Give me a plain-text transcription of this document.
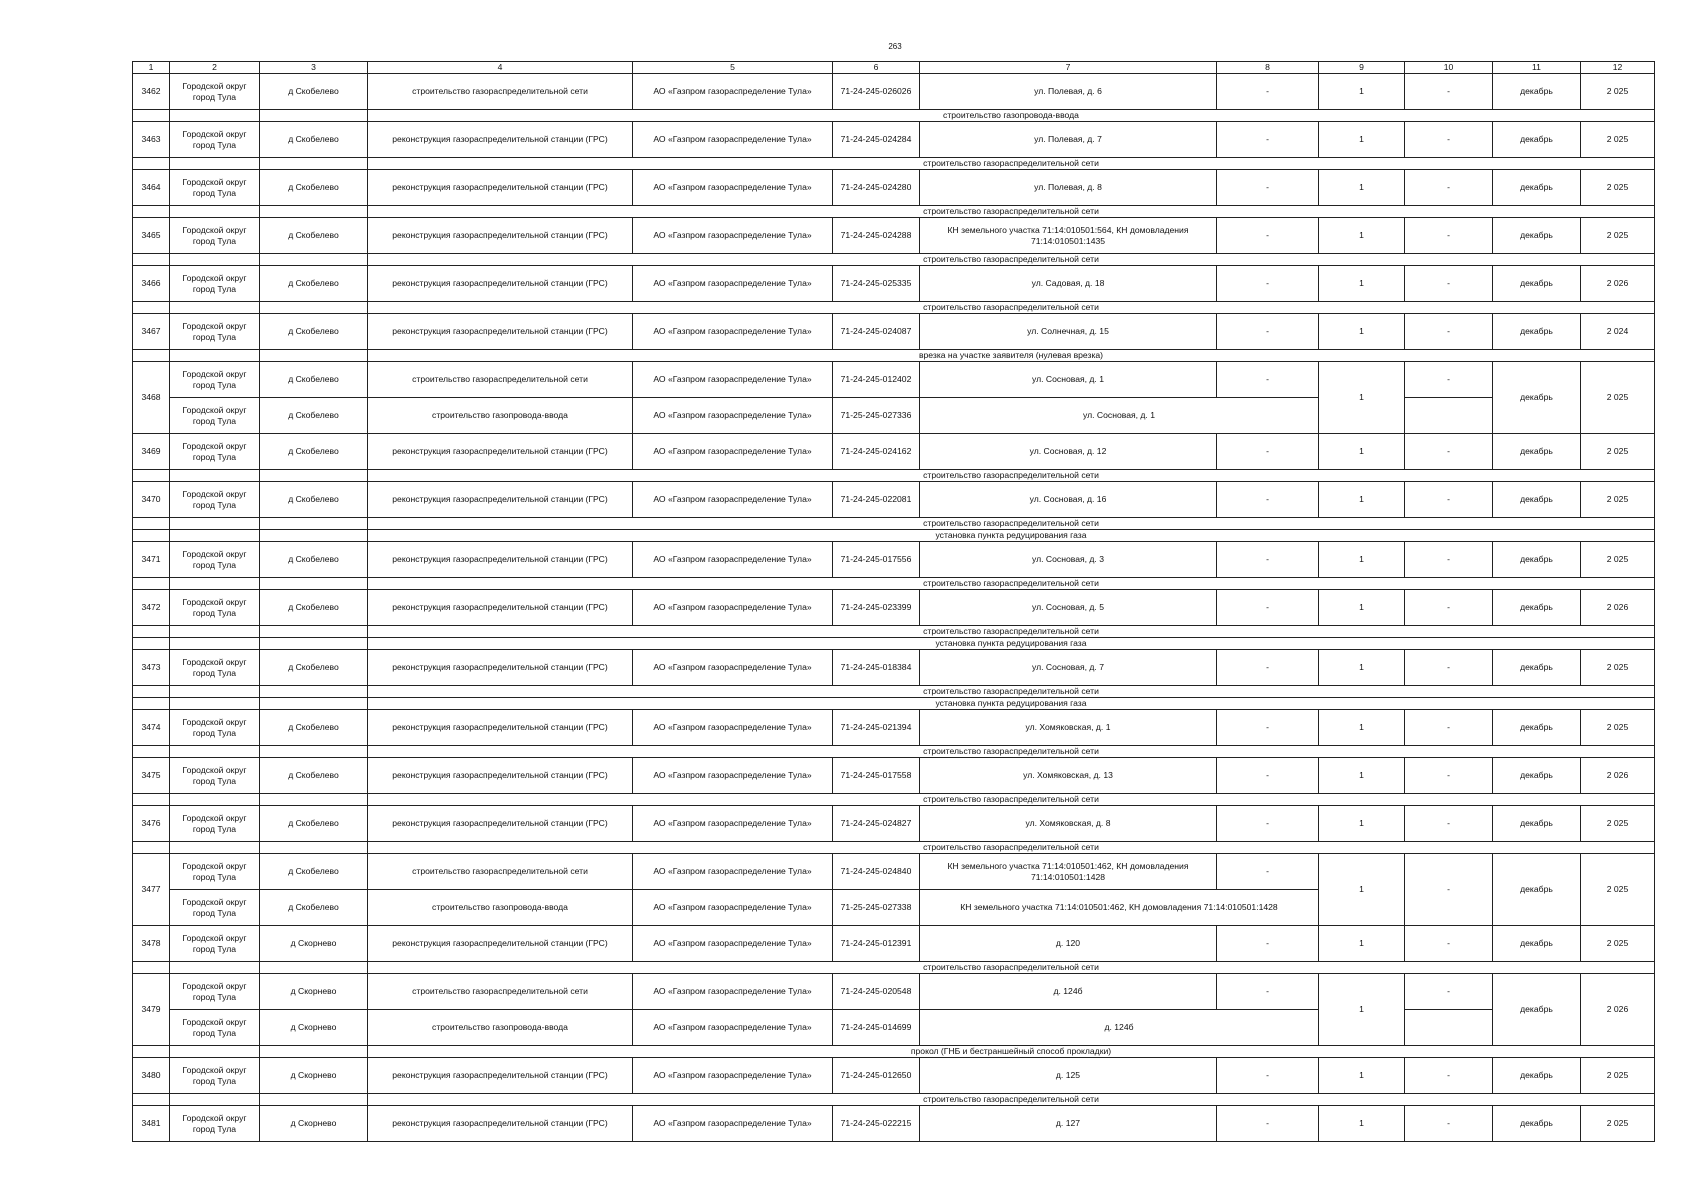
263
1	2	3	4	5	6	7	8	9	10	11	12
3462	Городской округ город Тула	д Скобелево	строительство газораспределительной сети	АО «Газпром газораспределение Тула»	71-24-245-026026	ул. Полевая, д. 6	-	1	-	декабрь	2 025
			строительство газопровода-ввода								
3463	Городской округ город Тула	д Скобелево	реконструкция газораспределительной станции (ГРС)	АО «Газпром газораспределение Тула»	71-24-245-024284	ул. Полевая, д. 7	-	1	-	декабрь	2 025
			строительство газораспределительной сети								
3464	Городской округ город Тула	д Скобелево	реконструкция газораспределительной станции (ГРС)	АО «Газпром газораспределение Тула»	71-24-245-024280	ул. Полевая, д. 8	-	1	-	декабрь	2 025
			строительство газораспределительной сети								
3465	Городской округ город Тула	д Скобелево	реконструкция газораспределительной станции (ГРС)	АО «Газпром газораспределение Тула»	71-24-245-024288	КН земельного участка 71:14:010501:564, КН домовладения 71:14:010501:1435	-	1	-	декабрь	2 025
			строительство газораспределительной сети								
3466	Городской округ город Тула	д Скобелево	реконструкция газораспределительной станции (ГРС)	АО «Газпром газораспределение Тула»	71-24-245-025335	ул. Садовая, д. 18	-	1	-	декабрь	2 026
			строительство газораспределительной сети								
3467	Городской округ город Тула	д Скобелево	реконструкция газораспределительной станции (ГРС)	АО «Газпром газораспределение Тула»	71-24-245-024087	ул. Солнечная, д. 15	-	1	-	декабрь	2 024
			врезка на участке заявителя (нулевая врезка)								
3468	Городской округ город Тула	д Скобелево	строительство газораспределительной сети	АО «Газпром газораспределение Тула»	71-24-245-012402	ул. Сосновая, д. 1	-	1	-	декабрь	2 025
	Городской округ город Тула	д Скобелево	строительство газопровода-ввода	АО «Газпром газораспределение Тула»	71-25-245-027336	ул. Сосновая, д. 1					
3469	Городской округ город Тула	д Скобелево	реконструкция газораспределительной станции (ГРС)	АО «Газпром газораспределение Тула»	71-24-245-024162	ул. Сосновая, д. 12	-	1	-	декабрь	2 025
			строительство газораспределительной сети								
3470	Городской округ город Тула	д Скобелево	реконструкция газораспределительной станции (ГРС)	АО «Газпром газораспределение Тула»	71-24-245-022081	ул. Сосновая, д. 16	-	1	-	декабрь	2 025
			строительство газораспределительной сети								
			установка пункта редуцирования газа								
3471	Городской округ город Тула	д Скобелево	реконструкция газораспределительной станции (ГРС)	АО «Газпром газораспределение Тула»	71-24-245-017556	ул. Сосновая, д. 3	-	1	-	декабрь	2 025
			строительство газораспределительной сети								
3472	Городской округ город Тула	д Скобелево	реконструкция газораспределительной станции (ГРС)	АО «Газпром газораспределение Тула»	71-24-245-023399	ул. Сосновая, д. 5	-	1	-	декабрь	2 026
			строительство газораспределительной сети								
			установка пункта редуцирования газа								
3473	Городской округ город Тула	д Скобелево	реконструкция газораспределительной станции (ГРС)	АО «Газпром газораспределение Тула»	71-24-245-018384	ул. Сосновая, д. 7	-	1	-	декабрь	2 025
			строительство газораспределительной сети								
			установка пункта редуцирования газа								
3474	Городской округ город Тула	д Скобелево	реконструкция газораспределительной станции (ГРС)	АО «Газпром газораспределение Тула»	71-24-245-021394	ул. Хомяковская, д. 1	-	1	-	декабрь	2 025
			строительство газораспределительной сети								
3475	Городской округ город Тула	д Скобелево	реконструкция газораспределительной станции (ГРС)	АО «Газпром газораспределение Тула»	71-24-245-017558	ул. Хомяковская, д. 13	-	1	-	декабрь	2 026
			строительство газораспределительной сети								
3476	Городской округ город Тула	д Скобелево	реконструкция газораспределительной станции (ГРС)	АО «Газпром газораспределение Тула»	71-24-245-024827	ул. Хомяковская, д. 8	-	1	-	декабрь	2 025
			строительство газораспределительной сети								
3477	Городской округ город Тула	д Скобелево	строительство газораспределительной сети	АО «Газпром газораспределение Тула»	71-24-245-024840	КН земельного участка 71:14:010501:462, КН домовладения 71:14:010501:1428	-	1	-	декабрь	2 025
	Городской округ город Тула	д Скобелево	строительство газопровода-ввода	АО «Газпром газораспределение Тула»	71-25-245-027338	КН земельного участка 71:14:010501:462, КН домовладения 71:14:010501:1428					
3478	Городской округ город Тула	д Скорнево	реконструкция газораспределительной станции (ГРС)	АО «Газпром газораспределение Тула»	71-24-245-012391	д. 120	-	1	-	декабрь	2 025
			строительство газораспределительной сети								
3479	Городской округ город Тула	д Скорнево	строительство газораспределительной сети	АО «Газпром газораспределение Тула»	71-24-245-020548	д. 124б	-	1	-	декабрь	2 026
	Городской округ город Тула	д Скорнево	строительство газопровода-ввода	АО «Газпром газораспределение Тула»	71-24-245-014699	д. 124б					
			прокол (ГНБ и бестраншейный способ прокладки)								
3480	Городской округ город Тула	д Скорнево	реконструкция газораспределительной станции (ГРС)	АО «Газпром газораспределение Тула»	71-24-245-012650	д. 125	-	1	-	декабрь	2 025
			строительство газораспределительной сети								
3481	Городской округ город Тула	д Скорнево	реконструкция газораспределительной станции (ГРС)	АО «Газпром газораспределение Тула»	71-24-245-022215	д. 127	-	1	-	декабрь	2 025
